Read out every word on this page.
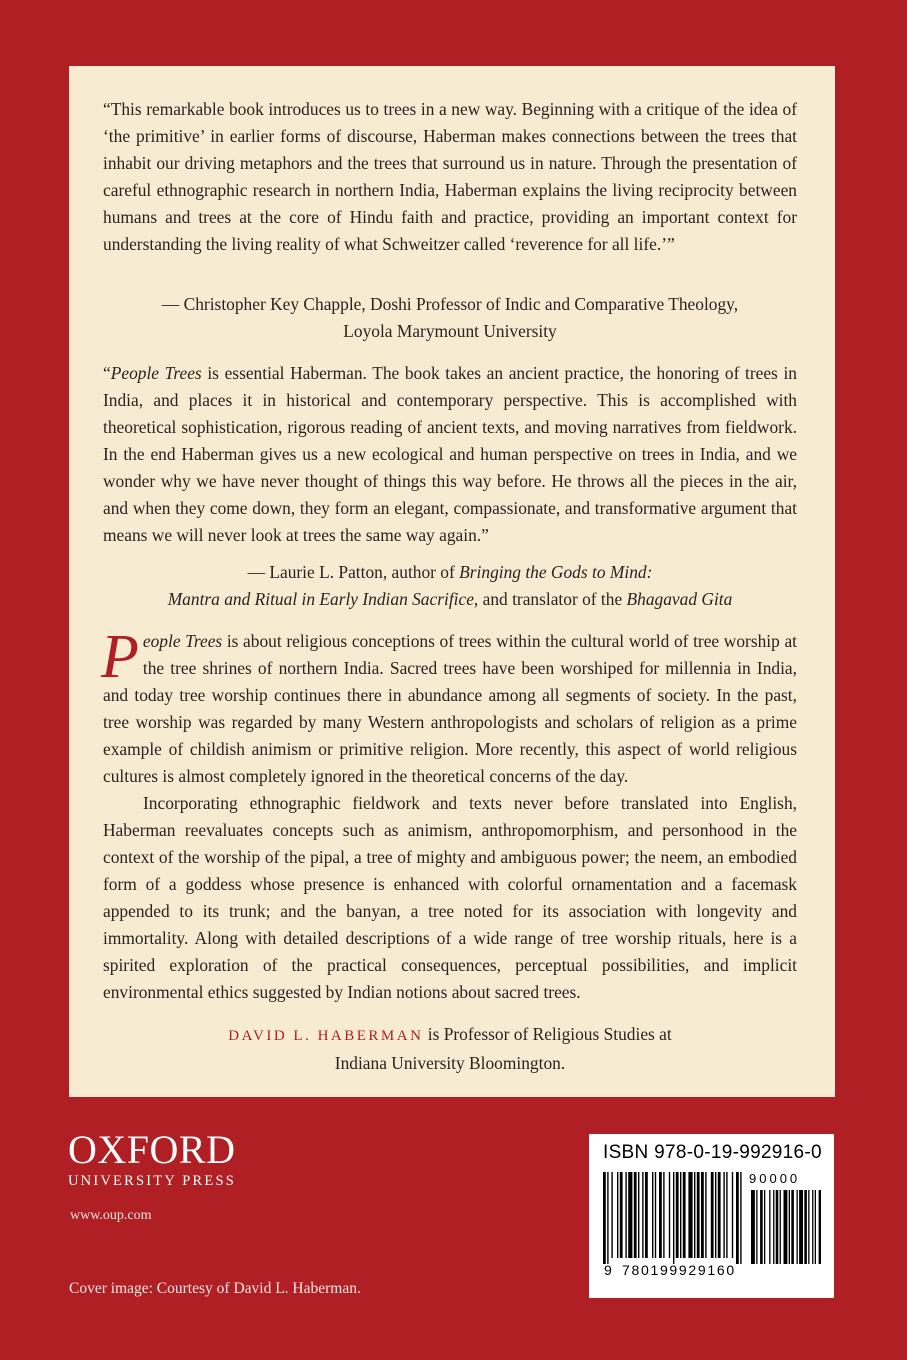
“This remarkable book introduces us to trees in a new way. Beginning with a critique of the idea of ‘the primitive’ in earlier forms of discourse, Haberman makes connections between the trees that inhabit our driving metaphors and the trees that surround us in nature. Through the presentation of careful ethnographic research in northern India, Haberman explains the living reciprocity between humans and trees at the core of Hindu faith and practice, providing an important context for understanding the living reality of what Schweitzer called ‘reverence for all life.’”

— Christopher Key Chapple, Doshi Professor of Indic and Comparative Theology,
Loyola Marymount University

“People Trees is essential Haberman. The book takes an ancient practice, the honoring of trees in India, and places it in historical and contemporary perspective. This is accomplished with theoretical sophistication, rigorous reading of ancient texts, and moving narratives from fieldwork. In the end Haberman gives us a new ecological and human perspective on trees in India, and we wonder why we have never thought of things this way before. He throws all the pieces in the air, and when they come down, they form an elegant, compassionate, and transformative argument that means we will never look at trees the same way again.”

— Laurie L. Patton, author of Bringing the Gods to Mind:
Mantra and Ritual in Early Indian Sacrifice, and translator of the Bhagavad Gita

People Trees is about religious conceptions of trees within the cultural world of tree worship at the tree shrines of northern India. Sacred trees have been worshiped for millennia in India, and today tree worship continues there in abundance among all segments of society. In the past, tree worship was regarded by many Western anthropologists and scholars of religion as a prime example of childish animism or primitive religion. More recently, this aspect of world religious cultures is almost completely ignored in the theoretical concerns of the day.

Incorporating ethnographic fieldwork and texts never before translated into English, Haberman reevaluates concepts such as animism, anthropomorphism, and personhood in the context of the worship of the pipal, a tree of mighty and ambiguous power; the neem, an embodied form of a goddess whose presence is enhanced with colorful ornamentation and a facemask appended to its trunk; and the banyan, a tree noted for its association with longevity and immortality. Along with detailed descriptions of a wide range of tree worship rituals, here is a spirited exploration of the practical consequences, perceptual possibilities, and implicit environmental ethics suggested by Indian notions about sacred trees.

DAVID L. HABERMAN is Professor of Religious Studies at
Indiana University Bloomington.
OXFORD
UNIVERSITY PRESS
www.oup.com
Cover image: Courtesy of David L. Haberman.
ISBN 978-0-19-992916-0
90000
9 780199929160
